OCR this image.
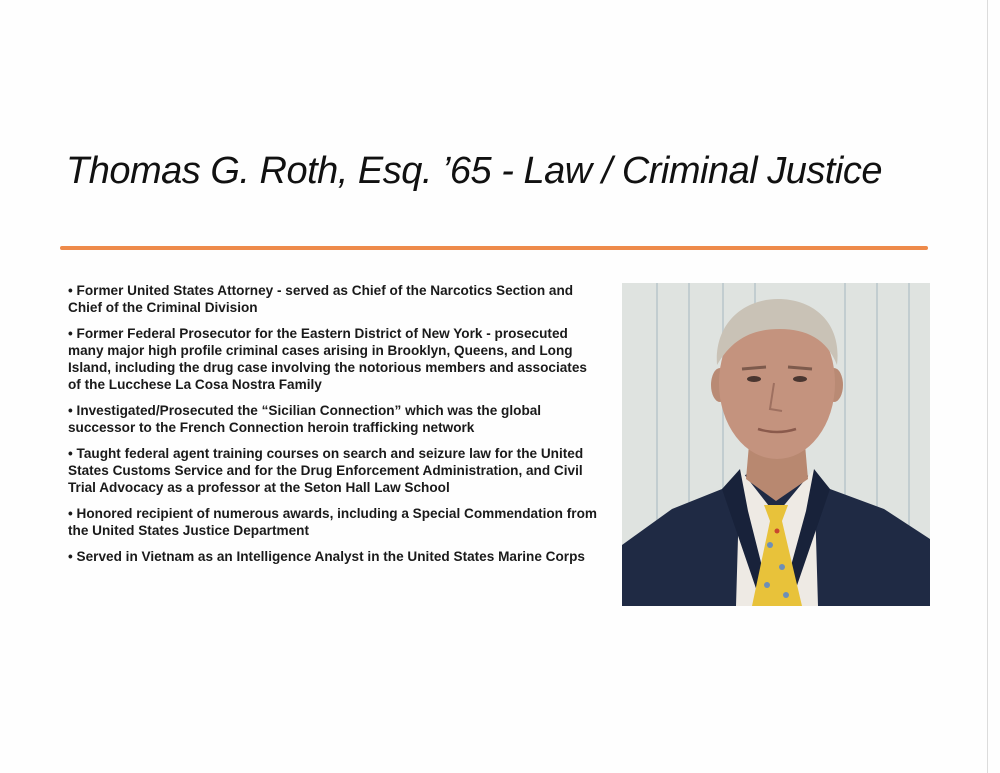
Thomas G. Roth, Esq. ’65 - Law / Criminal Justice
• Former United States Attorney - served as Chief of the Narcotics Section and Chief of the Criminal Division
• Former Federal Prosecutor for the Eastern District of New York - prosecuted many major high profile criminal cases arising in Brooklyn, Queens, and Long Island, including the drug case involving the notorious members and associates of the Lucchese La Cosa Nostra Family
• Investigated/Prosecuted the “Sicilian Connection” which was the global successor to the French Connection heroin trafficking network
• Taught federal agent training courses on search and seizure law for the United States Customs Service and for the Drug Enforcement Administration, and Civil Trial Advocacy as a professor at the Seton Hall Law School
• Honored recipient of numerous awards, including a Special Commendation from the United States Justice Department
• Served in Vietnam as an Intelligence Analyst in the United States Marine Corps
